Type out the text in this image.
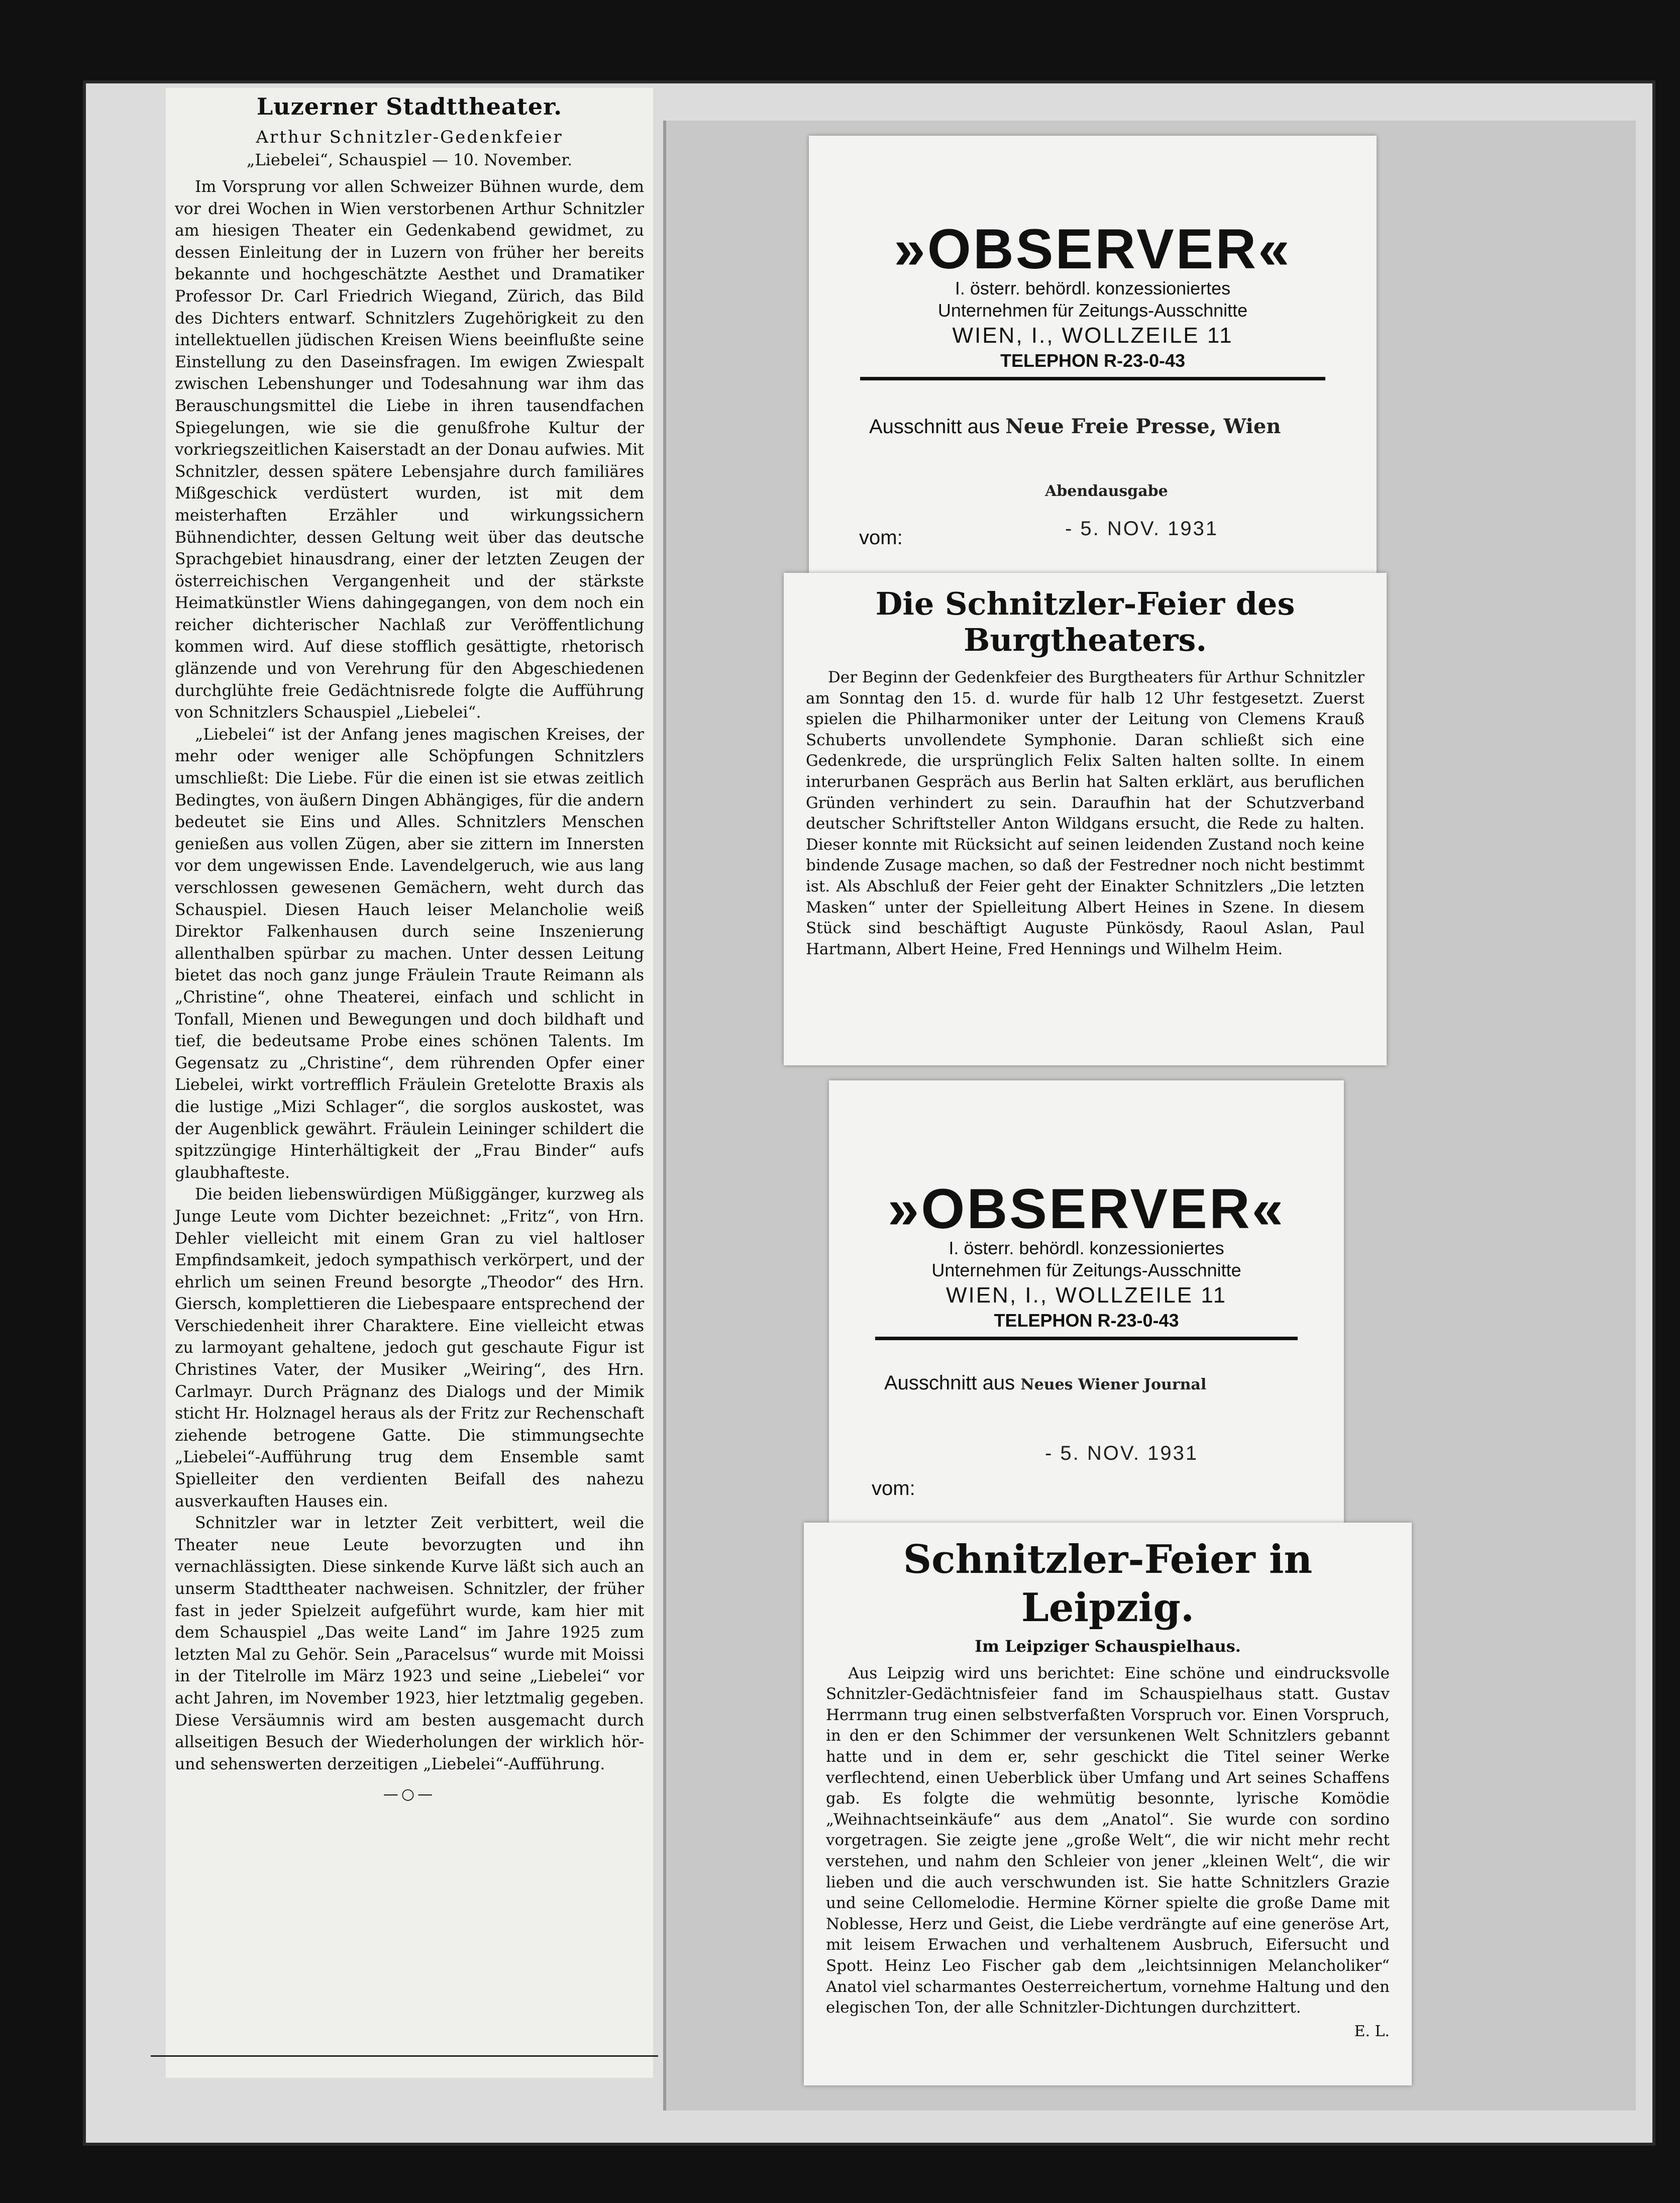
Luzerner Stadttheater.
Arthur Schnitzler-Gedenkfeier
„Liebelei“, Schauspiel — 10. November.

Im Vorsprung vor allen Schweizer Bühnen wurde, dem vor drei Wochen in Wien verstorbenen Arthur Schnitzler am hiesigen Theater ein Gedenkabend gewidmet, zu dessen Einleitung der in Luzern von früher her bereits bekannte und hochgeschätzte Aesthet und Dramatiker Professor Dr. Carl Friedrich Wiegand, Zürich, das Bild des Dichters entwarf. Schnitzlers Zugehörigkeit zu den intellektuellen jüdischen Kreisen Wiens beeinflußte seine Einstellung zu den Daseinsfragen. Im ewigen Zwiespalt zwischen Lebenshunger und Todesahnung war ihm das Berauschungsmittel die Liebe in ihren tausendfachen Spiegelungen, wie sie die genußfrohe Kultur der vorkriegszeitlichen Kaiserstadt an der Donau aufwies. Mit Schnitzler, dessen spätere Lebensjahre durch familiäres Mißgeschick verdüstert wurden, ist mit dem meisterhaften Erzähler und wirkungssichern Bühnendichter, dessen Geltung weit über das deutsche Sprachgebiet hinausdrang, einer der letzten Zeugen der österreichischen Vergangenheit und der stärkste Heimatkünstler Wiens dahingegangen, von dem noch ein reicher dichterischer Nachlaß zur Veröffentlichung kommen wird. Auf diese stofflich gesättigte, rhetorisch glänzende und von Verehrung für den Abgeschiedenen durchglühte freie Gedächtnisrede folgte die Aufführung von Schnitzlers Schauspiel „Liebelei“.

„Liebelei“ ist der Anfang jenes magischen Kreises, der mehr oder weniger alle Schöpfungen Schnitzlers umschließt: Die Liebe. Für die einen ist sie etwas zeitlich Bedingtes, von äußern Dingen Abhängiges, für die andern bedeutet sie Eins und Alles. Schnitzlers Menschen genießen aus vollen Zügen, aber sie zittern im Innersten vor dem ungewissen Ende. Lavendelgeruch, wie aus lang verschlossen gewesenen Gemächern, weht durch das Schauspiel. Diesen Hauch leiser Melancholie weiß Direktor Falkenhausen durch seine Inszenierung allenthalben spürbar zu machen. Unter dessen Leitung bietet das noch ganz junge Fräulein Traute Reimann als „Christine“, ohne Theaterei, einfach und schlicht in Tonfall, Mienen und Bewegungen und doch bildhaft und tief, die bedeutsame Probe eines schönen Talents. Im Gegensatz zu „Christine“, dem rührenden Opfer einer Liebelei, wirkt vortrefflich Fräulein Gretelotte Braxis als die lustige „Mizi Schlager“, die sorglos auskostet, was der Augenblick gewährt. Fräulein Leininger schildert die spitzzüngige Hinterhältigkeit der „Frau Binder“ aufs glaubhafteste.

Die beiden liebenswürdigen Müßiggänger, kurzweg als Junge Leute vom Dichter bezeichnet: „Fritz“, von Hrn. Dehler vielleicht mit einem Gran zu viel haltloser Empfindsamkeit, jedoch sympathisch verkörpert, und der ehrlich um seinen Freund besorgte „Theodor“ des Hrn. Giersch, komplettieren die Liebespaare entsprechend der Verschiedenheit ihrer Charaktere. Eine vielleicht etwas zu larmoyant gehaltene, jedoch gut geschaute Figur ist Christines Vater, der Musiker „Weiring“, des Hrn. Carlmayr. Durch Prägnanz des Dialogs und der Mimik sticht Hr. Holznagel heraus als der Fritz zur Rechenschaft ziehende betrogene Gatte. Die stimmungsechte „Liebelei“-Aufführung trug dem Ensemble samt Spielleiter den verdienten Beifall des nahezu ausverkauften Hauses ein.

Schnitzler war in letzter Zeit verbittert, weil die Theater neue Leute bevorzugten und ihn vernachlässigten. Diese sinkende Kurve läßt sich auch an unserm Stadttheater nachweisen. Schnitzler, der früher fast in jeder Spielzeit aufgeführt wurde, kam hier mit dem Schauspiel „Das weite Land“ im Jahre 1925 zum letzten Mal zu Gehör. Sein „Paracelsus“ wurde mit Moissi in der Titelrolle im März 1923 und seine „Liebelei“ vor acht Jahren, im November 1923, hier letztmalig gegeben. Diese Versäumnis wird am besten ausgemacht durch allseitigen Besuch der Wiederholungen der wirklich hör- und sehenswerten derzeitigen „Liebelei“-Aufführung.

—○—
»OBSERVER«
I. österr. behördl. konzessioniertes
Unternehmen für Zeitungs-Ausschnitte
WIEN, I., WOLLZEILE 11
TELEPHON R-23-0-43
Ausschnitt aus Neue Freie Presse, Wien
Abendausgabe
vom:	- 5. NOV. 1931
Die Schnitzler-Feier des Burgtheaters.

Der Beginn der Gedenkfeier des Burgtheaters für Arthur Schnitzler am Sonntag den 15. d. wurde für halb 12 Uhr festgesetzt. Zuerst spielen die Philharmoniker unter der Leitung von Clemens Krauß Schuberts unvollendete Symphonie. Daran schließt sich eine Gedenkrede, die ursprünglich Felix Salten halten sollte. In einem interurbanen Gespräch aus Berlin hat Salten erklärt, aus beruflichen Gründen verhindert zu sein. Daraufhin hat der Schutzverband deutscher Schriftsteller Anton Wildgans ersucht, die Rede zu halten. Dieser konnte mit Rücksicht auf seinen leidenden Zustand noch keine bindende Zusage machen, so daß der Festredner noch nicht bestimmt ist. Als Abschluß der Feier geht der Einakter Schnitzlers „Die letzten Masken“ unter der Spielleitung Albert Heines in Szene. In diesem Stück sind beschäftigt Auguste Pünkösdy, Raoul Aslan, Paul Hartmann, Albert Heine, Fred Hennings und Wilhelm Heim.

»OBSERVER«
I. österr. behördl. konzessioniertes
Unternehmen für Zeitungs-Ausschnitte
WIEN, I., WOLLZEILE 11
TELEPHON R-23-0-43
Ausschnitt aus Neues Wiener Journal
- 5. NOV. 1931
vom:
Schnitzler-Feier in Leipzig.

Im Leipziger Schauspielhaus.

Aus Leipzig wird uns berichtet: Eine schöne und eindrucksvolle Schnitzler-Gedächtnisfeier fand im Schauspielhaus statt. Gustav Herrmann trug einen selbstverfaßten Vorspruch vor. Einen Vorspruch, in den er den Schimmer der versunkenen Welt Schnitzlers gebannt hatte und in dem er, sehr geschickt die Titel seiner Werke verflechtend, einen Ueberblick über Umfang und Art seines Schaffens gab. Es folgte die wehmütig besonnte, lyrische Komödie „Weihnachtseinkäufe“ aus dem „Anatol“. Sie wurde con sordino vorgetragen. Sie zeigte jene „große Welt“, die wir nicht mehr recht verstehen, und nahm den Schleier von jener „kleinen Welt“, die wir lieben und die auch verschwunden ist. Sie hatte Schnitzlers Grazie und seine Cellomelodie. Hermine Körner spielte die große Dame mit Noblesse, Herz und Geist, die Liebe verdrängte auf eine generöse Art, mit leisem Erwachen und verhaltenem Ausbruch, Eifersucht und Spott. Heinz Leo Fischer gab dem „leichtsinnigen Melancholiker“ Anatol viel scharmantes Oesterreichertum, vornehme Haltung und den elegischen Ton, der alle Schnitzler-Dichtungen durchzittert.

E. L.
